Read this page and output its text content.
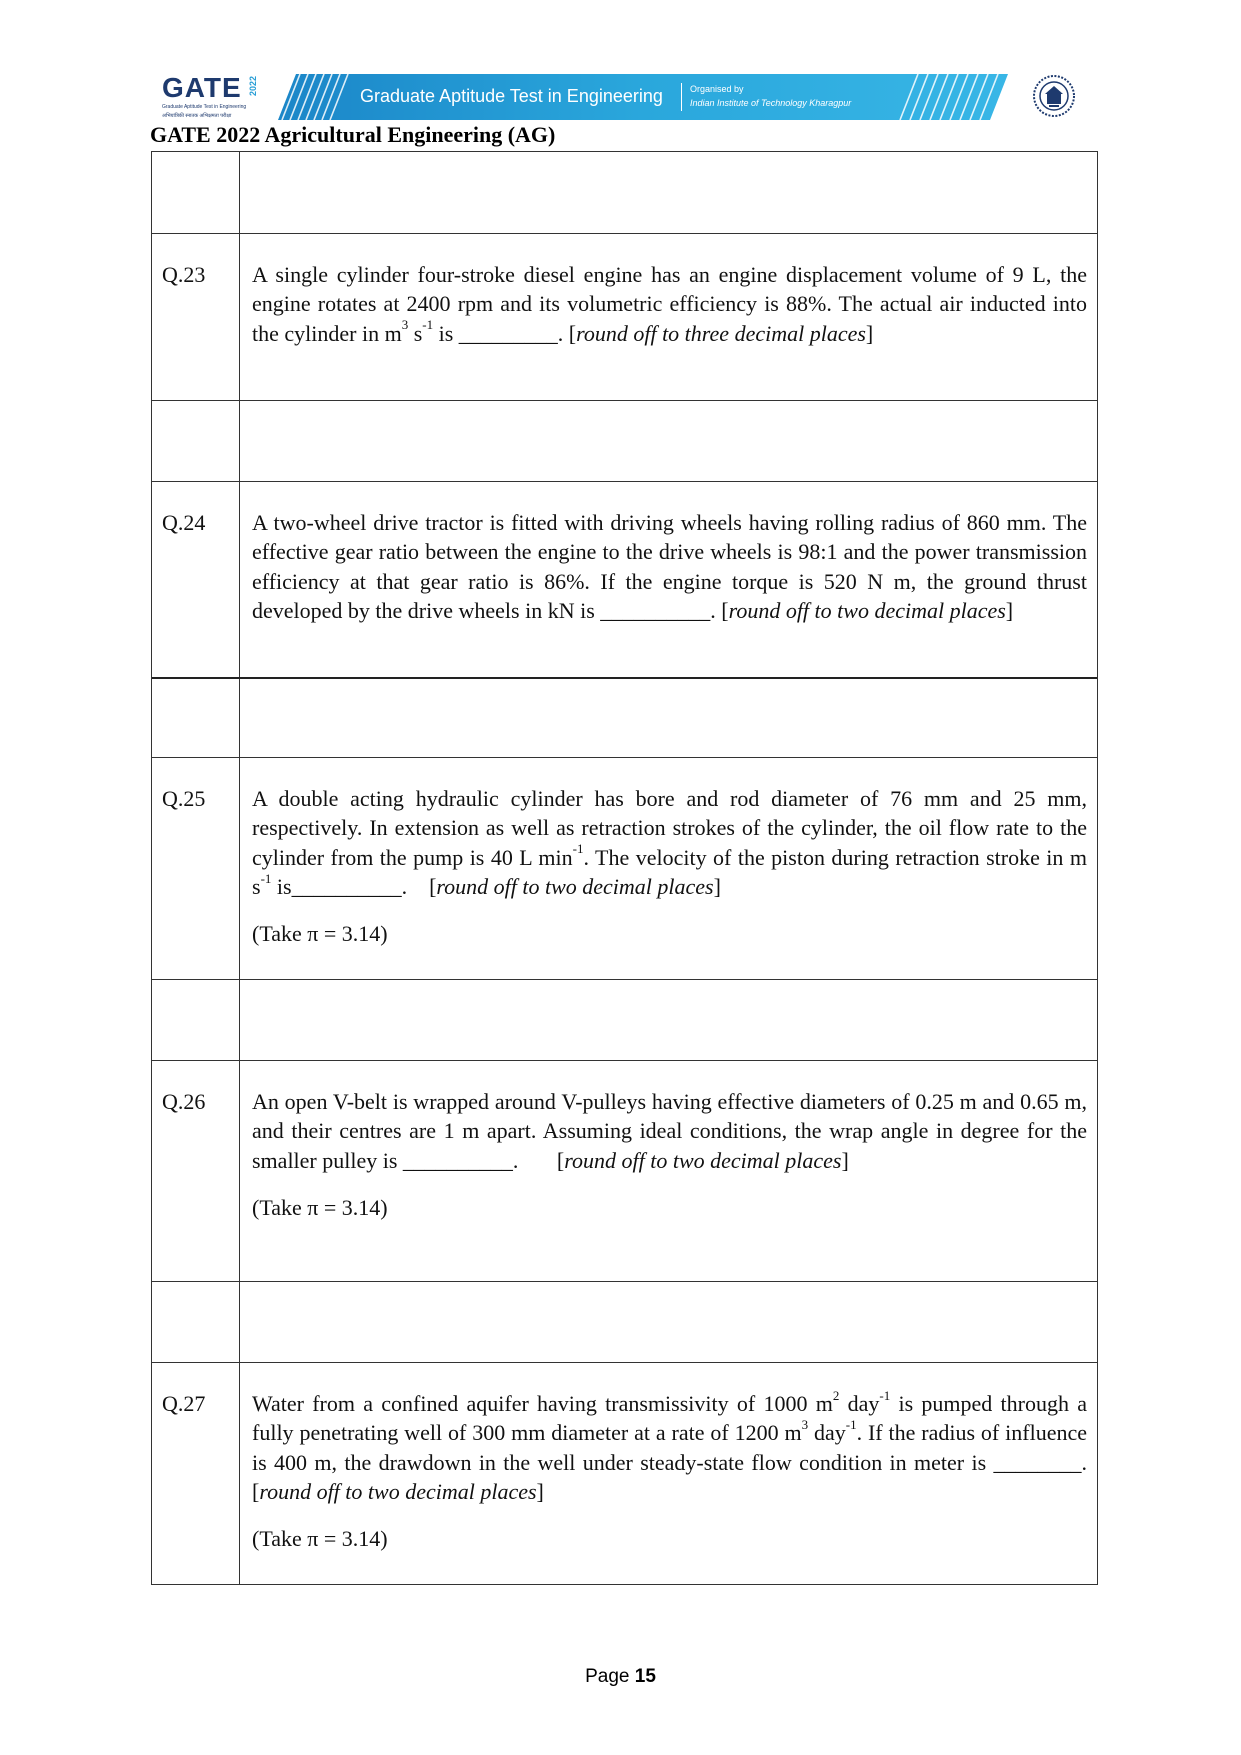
GATE 2022
Graduate Aptitude Test in Engineering
अभियांत्रिकी स्नातक अभिक्षमता परीक्षा
Graduate Aptitude Test in Engineering	Organised by
Indian Institute of Technology Kharagpur
GATE 2022 Agricultural Engineering (AG)
Q.23	A single cylinder four-stroke diesel engine has an engine displacement volume of 9 L, the engine rotates at 2400 rpm and its volumetric efficiency is 88%. The actual air inducted into the cylinder in $m^3$ $s^{-1}$ is _________. [round off to three decimal places]
Q.24	A two-wheel drive tractor is fitted with driving wheels having rolling radius of 860 mm. The effective gear ratio between the engine to the drive wheels is 98:1 and the power transmission efficiency at that gear ratio is 86%. If the engine torque is 520 N m, the ground thrust developed by the drive wheels in kN is __________. [round off to two decimal places]
Q.25	A double acting hydraulic cylinder has bore and rod diameter of 76 mm and 25 mm, respectively. In extension as well as retraction strokes of the cylinder, the oil flow rate to the cylinder from the pump is 40 L $\min^{-1}$. The velocity of the piston during retraction stroke in m $s^{-1}$ is__________.    [round off to two decimal places]
(Take π = 3.14)
Q.26	An open V-belt is wrapped around V-pulleys having effective diameters of 0.25 m and 0.65 m, and their centres are 1 m apart. Assuming ideal conditions, the wrap angle in degree for the smaller pulley is __________.       [round off to two decimal places]
(Take π = 3.14)
Q.27	Water from a confined aquifer having transmissivity of 1000 $m^2$ day$^{-1}$ is pumped through a fully penetrating well of 300 mm diameter at a rate of 1200 $m^3$ day$^{-1}$. If the radius of influence is 400 m, the drawdown in the well under steady-state flow condition in meter is ________. [round off to two decimal places]
(Take π = 3.14)
Page 15
